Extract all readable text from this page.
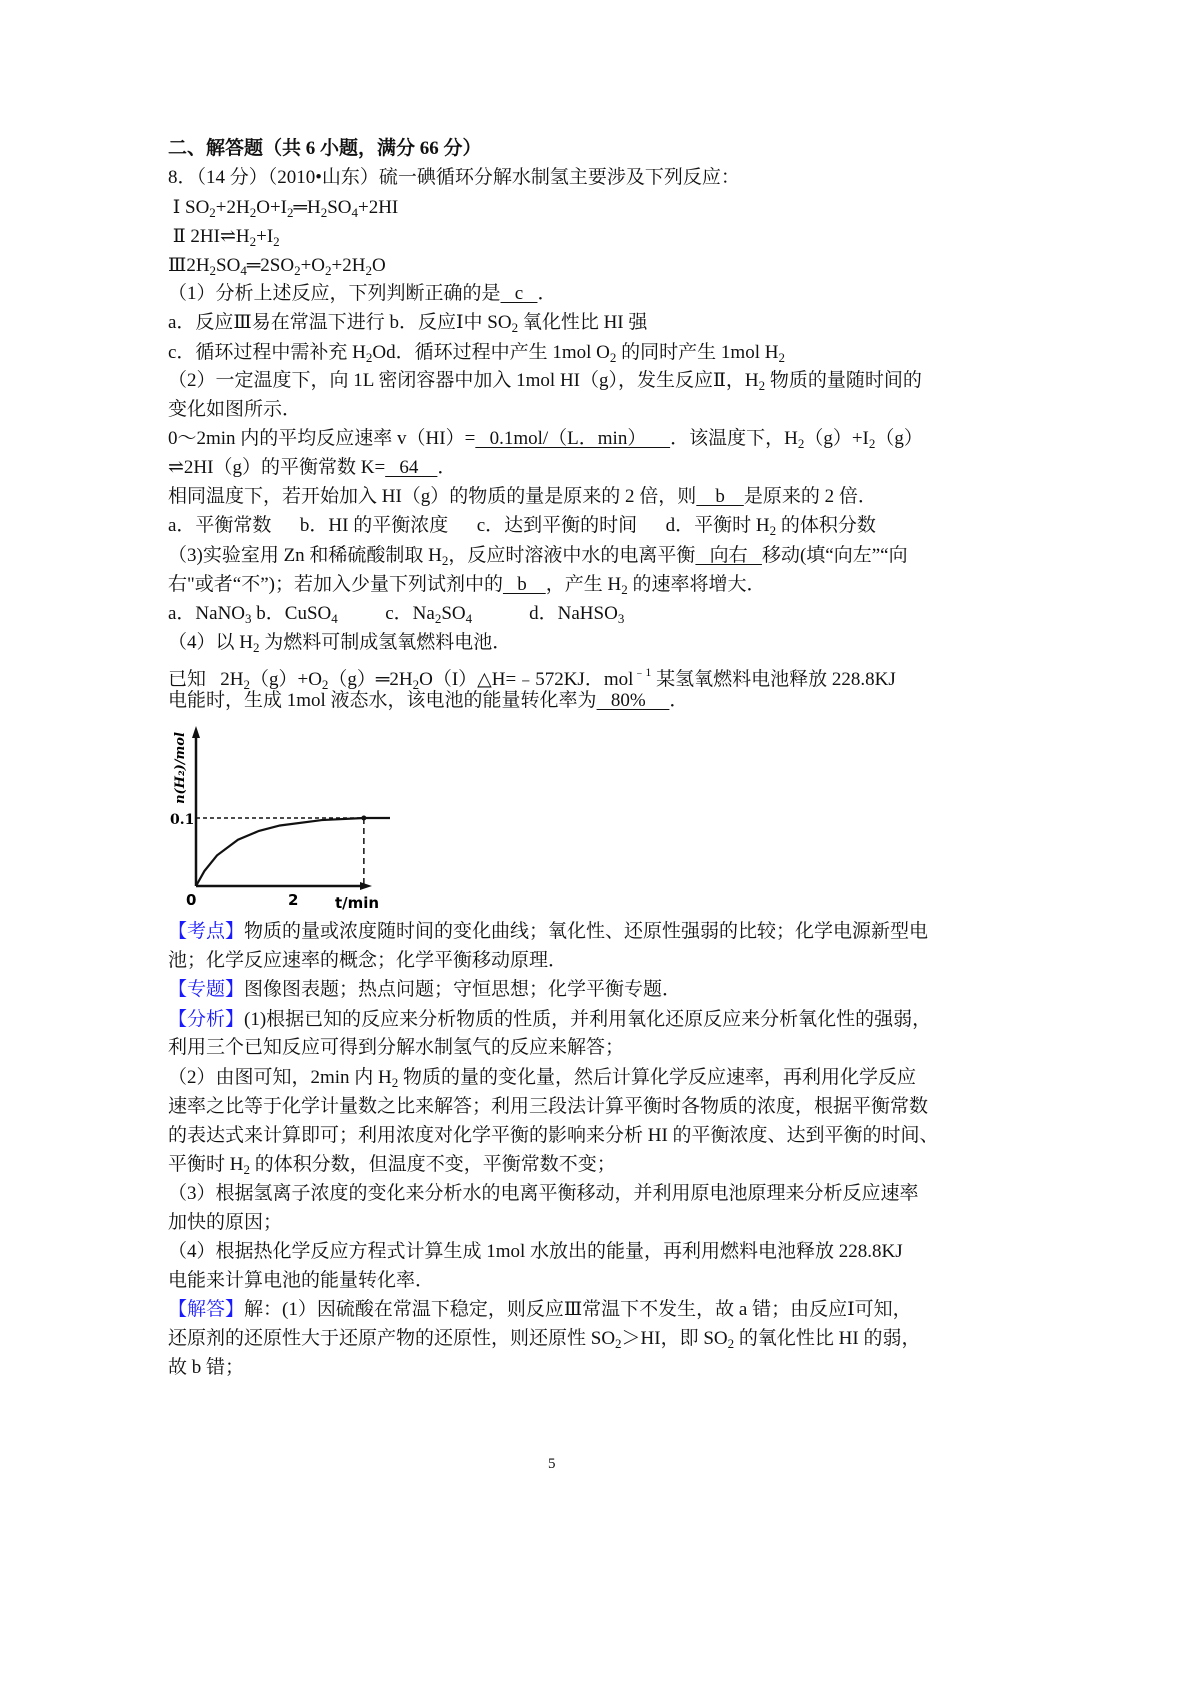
二、解答题（共 6 小题，满分 66 分）
8．（14 分）（2010•山东）硫一碘循环分解水制氢主要涉及下列反应：
Ⅰ $SO_2+2H_2O+I_2═H_2SO_4+2HI$
Ⅱ $2HI\rightleftharpoons H_2+I_2$
$Ⅲ2H_2SO_4═2SO_2+O_2+2H_2O$
（1）分析上述反应，下列判断正确的是   c   ．
a．反应Ⅲ易在常温下进行 b．反应Ⅰ中 $SO_2$ 氧化性比 HI 强
c．循环过程中需补充 $H_2Od$．循环过程中产生 1mol $O_2$ 的同时产生 1mol $H_2$
（2）一定温度下，向 1L 密闭容器中加入 1mol HI（g），发生反应Ⅱ，$H_2$ 物质的量随时间的
变化如图所示．
0～2min 内的平均反应速率 v（HI）=   0.1mol/（L．min）     ．该温度下，$H_2(g)+I_2(g)$
⇌2HI（g）的平衡常数 K=   64    ．
相同温度下，若开始加入 HI（g）的物质的量是原来的 2 倍，则    b    是原来的 2 倍．
a．平衡常数      b．HI 的平衡浓度      c．达到平衡的时间      d．平衡时 $H_2$ 的体积分数
（3)实验室用 Zn 和稀硫酸制取 $H_2$，反应时溶液中水的电离平衡   向右   移动(填“向左”“向
右"或者“不”)；若加入少量下列试剂中的   b    ，产生 $H_2$ 的速率将增大．
a．NaNO$_3$ b．CuSO$_4$          c．$Na_2SO_4$            d．NaHSO$_3$
（4）以 $H_2$ 为燃料可制成氢氧燃料电池．
已知   $2H_2(g)+O_2(g)═2H_2O(I)\triangle H=﹣572KJ$．mol$^{﹣1}$ 某氢氧燃料电池释放 228.8KJ
电能时，生成 1mol 液态水，该电池的能量转化率为   80%     ．
【考点】物质的量或浓度随时间的变化曲线；氧化性、还原性强弱的比较；化学电源新型电
池；化学反应速率的概念；化学平衡移动原理．
【专题】图像图表题；热点问题；守恒思想；化学平衡专题．
【分析】(1)根据已知的反应来分析物质的性质，并利用氧化还原反应来分析氧化性的强弱，
利用三个已知反应可得到分解水制氢气的反应来解答；
（2）由图可知，2min 内 $H_2$ 物质的量的变化量，然后计算化学反应速率，再利用化学反应
速率之比等于化学计量数之比来解答；利用三段法计算平衡时各物质的浓度，根据平衡常数
的表达式来计算即可；利用浓度对化学平衡的影响来分析 HI 的平衡浓度、达到平衡的时间、
平衡时 $H_2$ 的体积分数，但温度不变，平衡常数不变；
（3）根据氢离子浓度的变化来分析水的电离平衡移动，并利用原电池原理来分析反应速率
加快的原因；
（4）根据热化学反应方程式计算生成 1mol 水放出的能量，再利用燃料电池释放 228.8KJ
电能来计算电池的能量转化率．
【解答】解：(1）因硫酸在常温下稳定，则反应Ⅲ常温下不发生，故 a 错；由反应Ⅰ可知，
还原剂的还原性大于还原产物的还原性，则还原性 $SO_2>HI$，即 $SO_2$ 的氧化性比 HI 的弱，
故 b 错；
n(H₂)/mol
t/min
0	2
0.1
5
